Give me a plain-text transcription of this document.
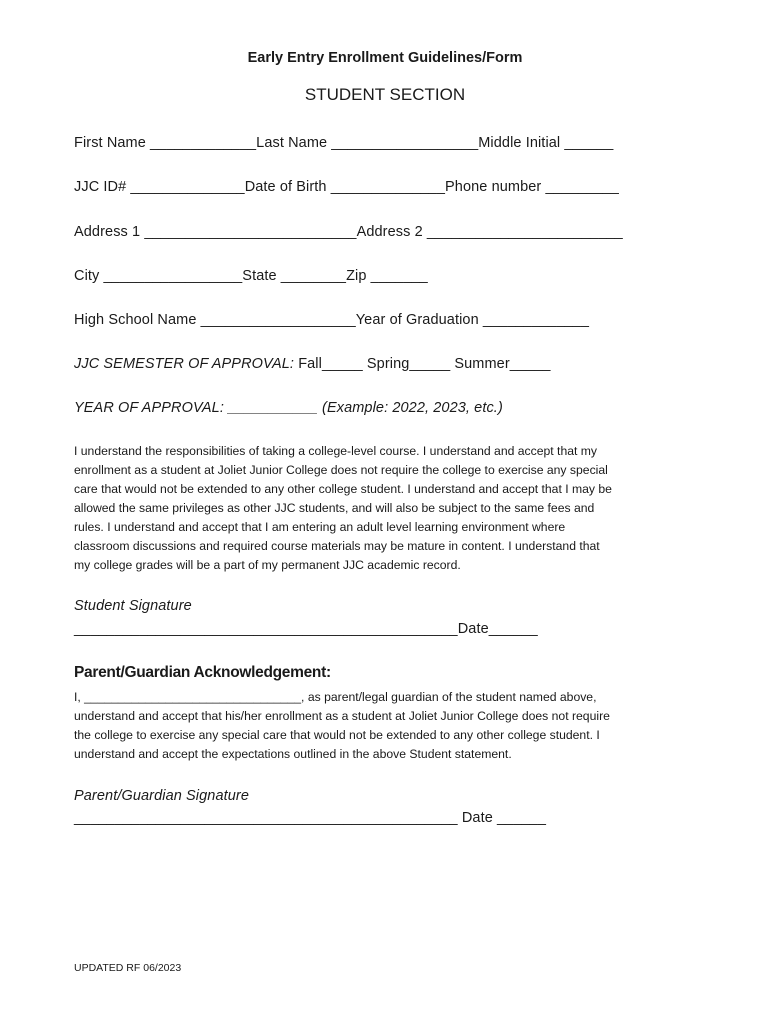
Early Entry Enrollment Guidelines/Form
STUDENT SECTION
First Name _____________Last Name __________________Middle Initial ______
JJC ID# ______________Date of Birth ______________Phone number _________
Address 1 __________________________Address 2 ________________________
City _________________State ________Zip _______
High School Name ___________________Year of Graduation _____________
JJC SEMESTER OF APPROVAL: Fall_____ Spring_____ Summer_____
YEAR OF APPROVAL: ___________ (Example: 2022, 2023, etc.)
I understand the responsibilities of taking a college-level course. I understand and accept that my
enrollment as a student at Joliet Junior College does not require the college to exercise any special
care that would not be extended to any other college student. I understand and accept that I may be
allowed the same privileges as other JJC students, and will also be subject to the same fees and
rules. I understand and accept that I am entering an adult level learning environment where
classroom discussions and required course materials may be mature in content. I understand that
my college grades will be a part of my permanent JJC academic record.
Student Signature
_______________________________________________Date______
Parent/Guardian Acknowledgement:
I, ________________________________, as parent/legal guardian of the student named above,
understand and accept that his/her enrollment as a student at Joliet Junior College does not require
the college to exercise any special care that would not be extended to any other college student. I
understand and accept the expectations outlined in the above Student statement.
Parent/Guardian Signature
_______________________________________________ Date ______
UPDATED RF 06/2023
